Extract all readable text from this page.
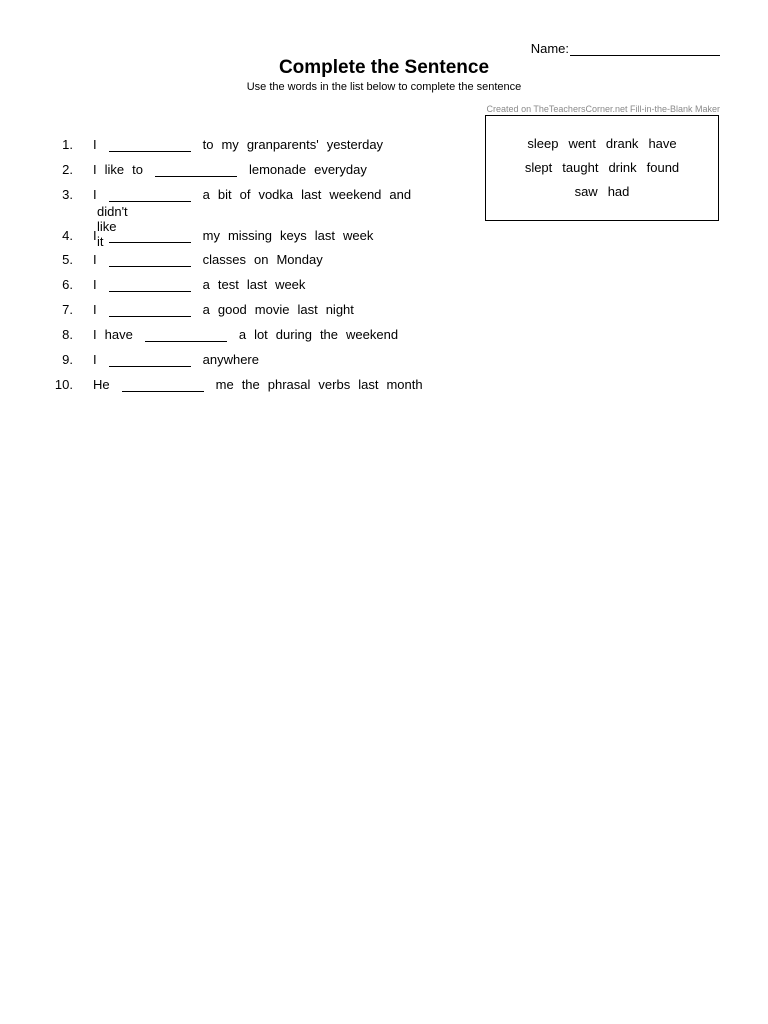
Name:
Complete the Sentence
Use the words in the list below to complete the sentence
Created on TheTeachersCorner.net Fill-in-the-Blank Maker
sleep went drank have
slept taught drink found
saw had
1. I	to my granparents' yesterday
2. I like to	lemonade everyday
3. I	a bit of vodka last weekend and
didn'tlikeit
4. I	my missing keys last week
5. I	classes on Monday
6. I	a test last week
7. I	a good movie last night
8. I have	a lot during the weekend
9. I	anywhere
10. He	me the phrasal verbs last month
